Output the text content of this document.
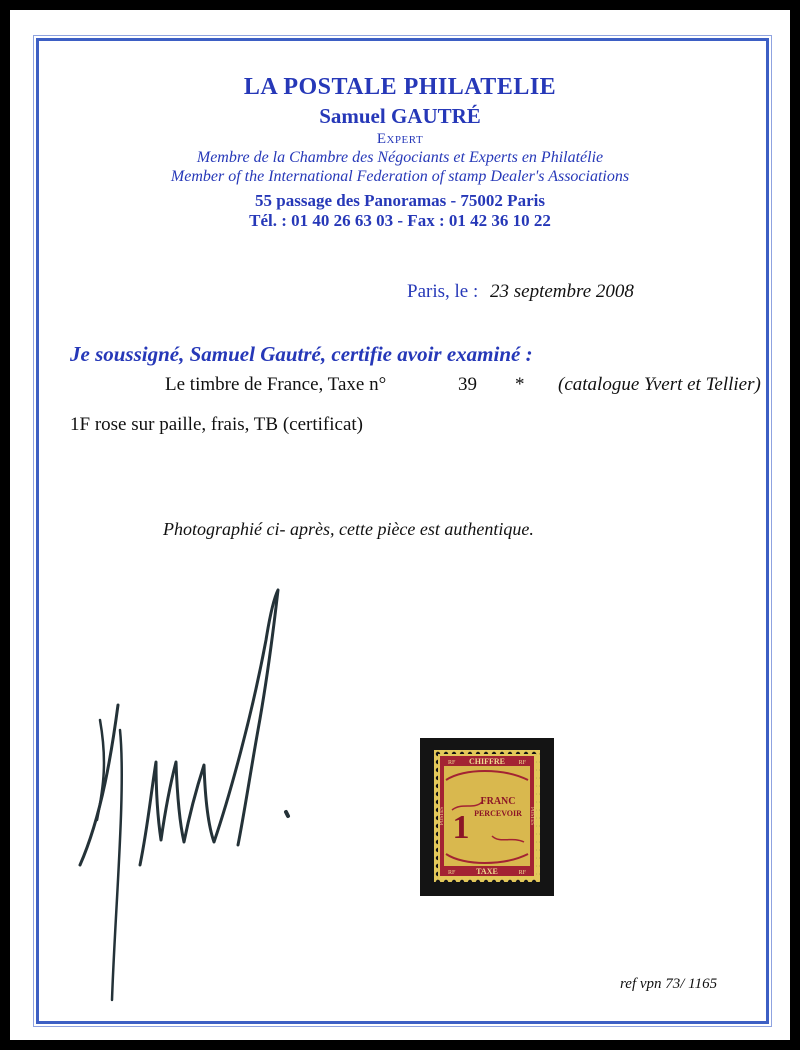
LA POSTALE PHILATELIE
Samuel GAUTRÉ
Expert
Membre de la Chambre des Négociants et Experts en Philatélie
Member of the International Federation of stamp Dealer's Associations
55 passage des Panoramas - 75002 Paris
Tél. : 01 40 26 63 03 - Fax : 01 42 36 10 22
Paris, le : 23 septembre 2008
Je soussigné, Samuel Gautré, certifie avoir examiné :
Le timbre de France, Taxe n°	39 * (catalogue Yvert et Tellier)
1F rose sur paille, frais, TB (certificat)
Photographié ci- après, cette pièce est authentique.
RF CHIFFRE RF
RF	TAXE	RF
POSTES	POSTES
1
FRANC
PERCEVOIR
ref vpn 73/ 1165
